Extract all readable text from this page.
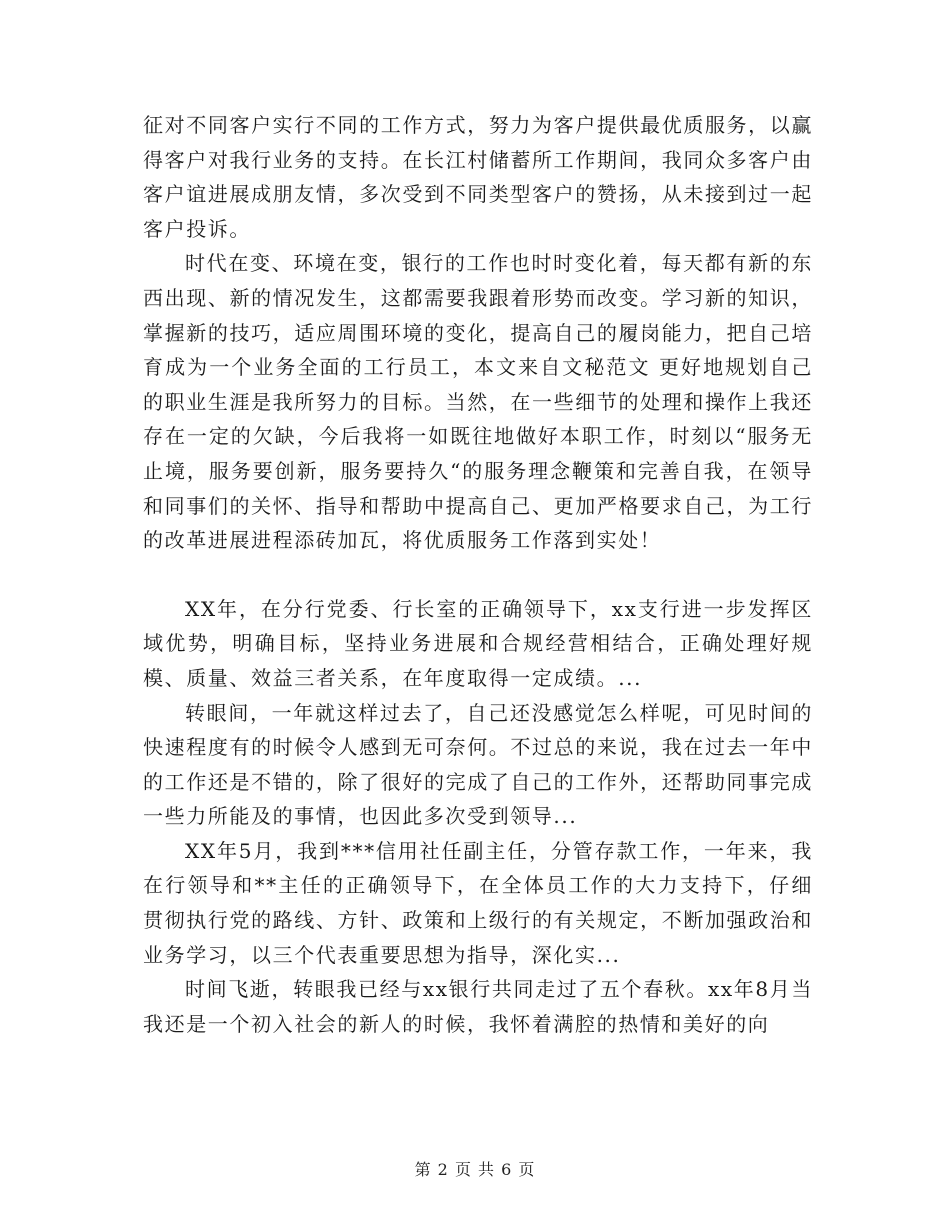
征对不同客户实行不同的工作方式，努力为客户提供最优质服务，以赢得客户对我行业务的支持。在长江村储蓄所工作期间，我同众多客户由客户谊进展成朋友情，多次受到不同类型客户的赞扬，从未接到过一起客户投诉。

时代在变、环境在变，银行的工作也时时变化着，每天都有新的东西出现、新的情况发生，这都需要我跟着形势而改变。学习新的知识，掌握新的技巧，适应周围环境的变化，提高自己的履岗能力，把自己培育成为一个业务全面的工行员工，本文来自文秘范文 更好地规划自己的职业生涯是我所努力的目标。当然，在一些细节的处理和操作上我还存在一定的欠缺，今后我将一如既往地做好本职工作，时刻以“服务无止境，服务要创新，服务要持久“的服务理念鞭策和完善自我，在领导和同事们的关怀、指导和帮助中提高自己、更加严格要求自己，为工行的改革进展进程添砖加瓦，将优质服务工作落到实处！

XX年，在分行党委、行长室的正确领导下，xx支行进一步发挥区域优势，明确目标，坚持业务进展和合规经营相结合，正确处理好规模、质量、效益三者关系，在年度取得一定成绩。...

转眼间，一年就这样过去了，自己还没感觉怎么样呢，可见时间的快速程度有的时候令人感到无可奈何。不过总的来说，我在过去一年中的工作还是不错的，除了很好的完成了自己的工作外，还帮助同事完成一些力所能及的事情，也因此多次受到领导...

XX年5月，我到***信用社任副主任，分管存款工作，一年来，我在行领导和**主任的正确领导下，在全体员工作的大力支持下，仔细贯彻执行党的路线、方针、政策和上级行的有关规定，不断加强政治和业务学习，以三个代表重要思想为指导，深化实...

时间飞逝，转眼我已经与xx银行共同走过了五个春秋。xx年8月当我还是一个初入社会的新人的时候，我怀着满腔的热情和美好的向

第 2 页 共 6 页
